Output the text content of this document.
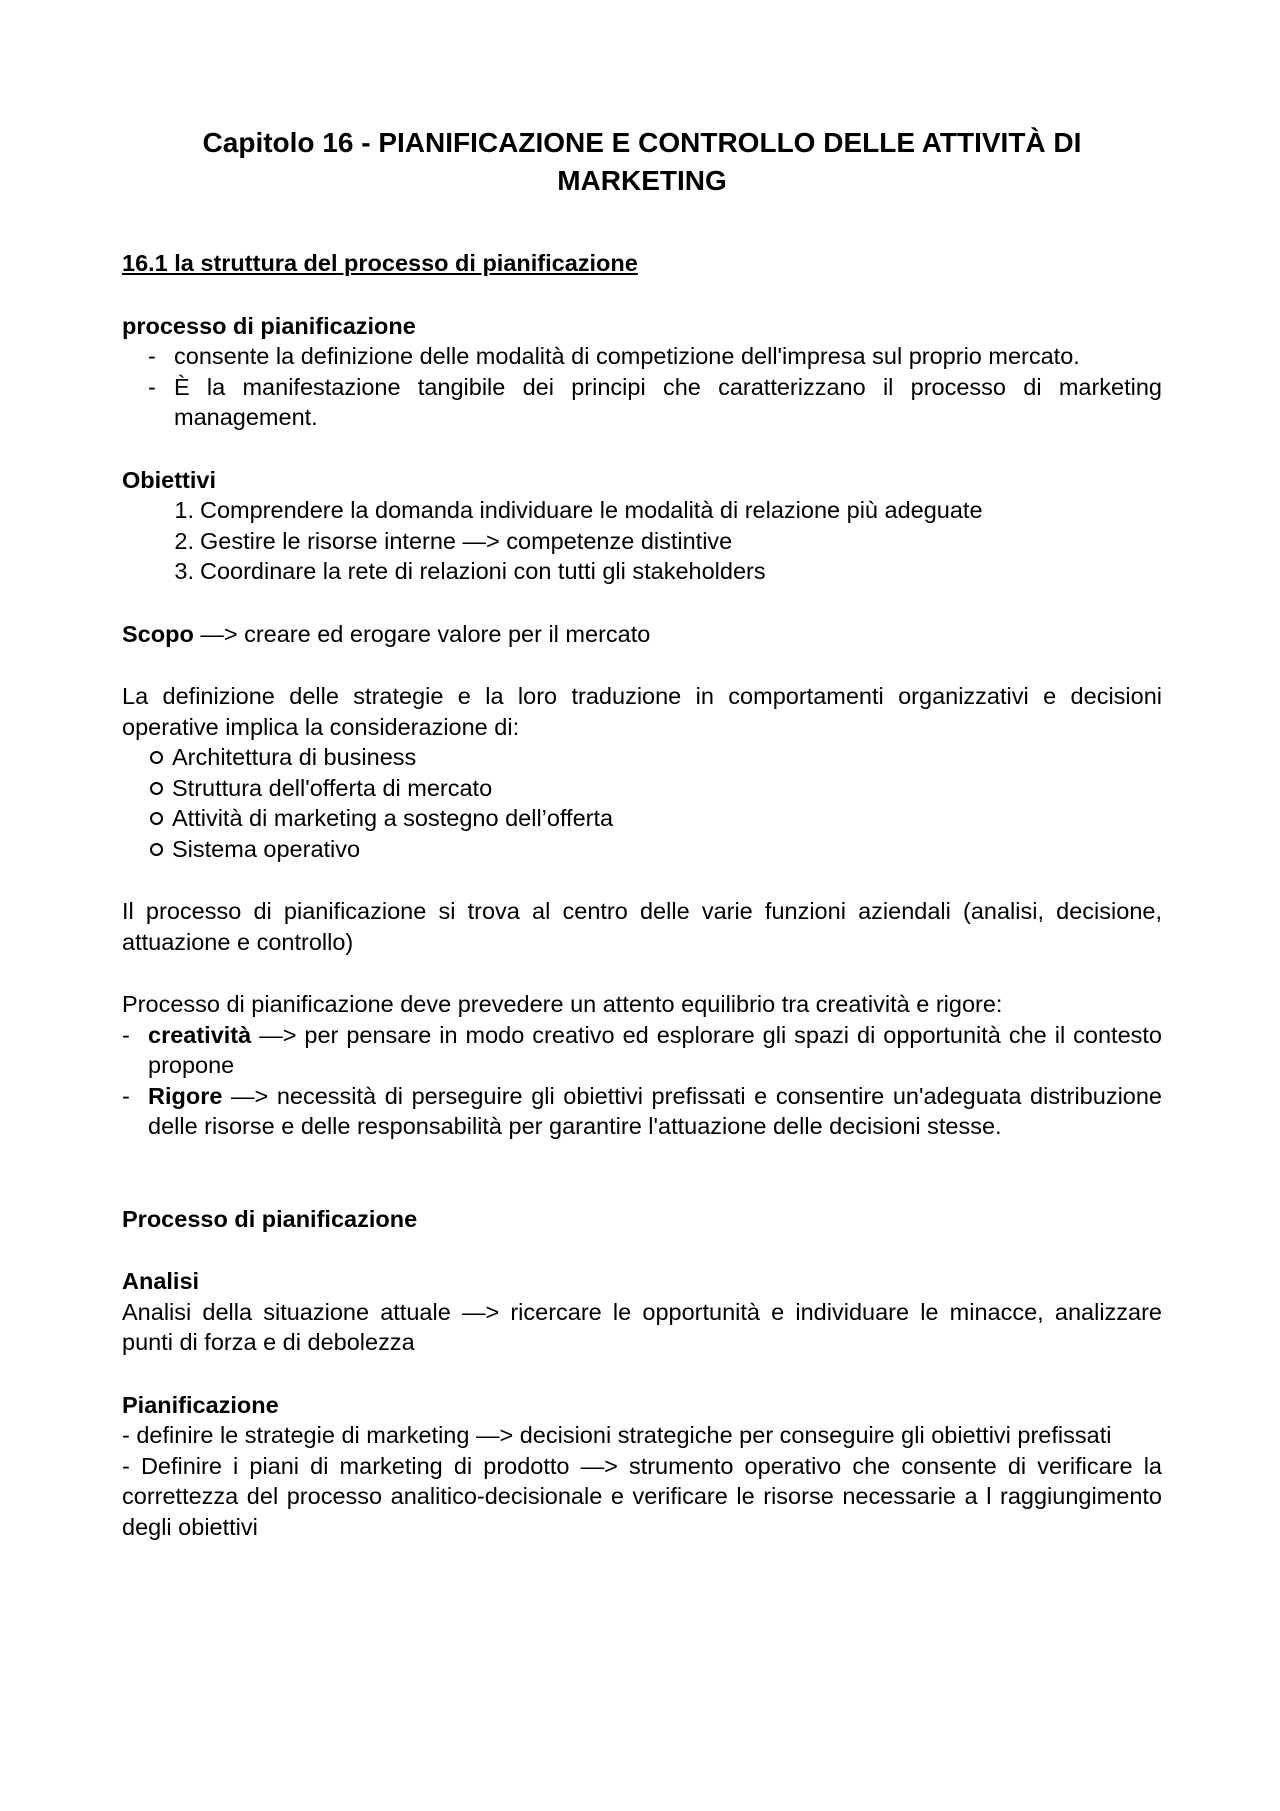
Capitolo 16 - PIANIFICAZIONE E CONTROLLO DELLE ATTIVITÀ DI
MARKETING
16.1 la struttura del processo di pianificazione
processo di pianificazione
- consente la definizione delle modalità di competizione dell'impresa sul proprio mercato.
- È la manifestazione tangibile dei principi che caratterizzano il processo di marketing management.
Obiettivi
1. Comprendere la domanda individuare le modalità di relazione più adeguate
2. Gestire le risorse interne —> competenze distintive
3. Coordinare la rete di relazioni con tutti gli stakeholders

Scopo —> creare ed erogare valore per il mercato

La definizione delle strategie e la loro traduzione in comportamenti organizzativi e decisioni operative implica la considerazione di:

Architettura di business
Struttura dell'offerta di mercato
Attività di marketing a sostegno dell’offerta
Sistema operativo

Il processo di pianificazione si trova al centro delle varie funzioni aziendali (analisi, decisione, attuazione e controllo)

Processo di pianificazione deve prevedere un attento equilibrio tra creatività e rigore:

- creatività —> per pensare in modo creativo ed esplorare gli spazi di opportunità che il contesto propone
- Rigore —> necessità di perseguire gli obiettivi prefissati e consentire un'adeguata distribuzione delle risorse e delle responsabilità per garantire l'attuazione delle decisioni stesse.
Processo di pianificazione
Analisi

Analisi della situazione attuale —> ricercare le opportunità e individuare le minacce, analizzare punti di forza e di debolezza

Pianificazione

- definire le strategie di marketing —> decisioni strategiche per conseguire gli obiettivi prefissati

- Definire i piani di marketing di prodotto —> strumento operativo che consente di verificare la correttezza del processo analitico-decisionale e verificare le risorse necessarie a l raggiungimento degli obiettivi
